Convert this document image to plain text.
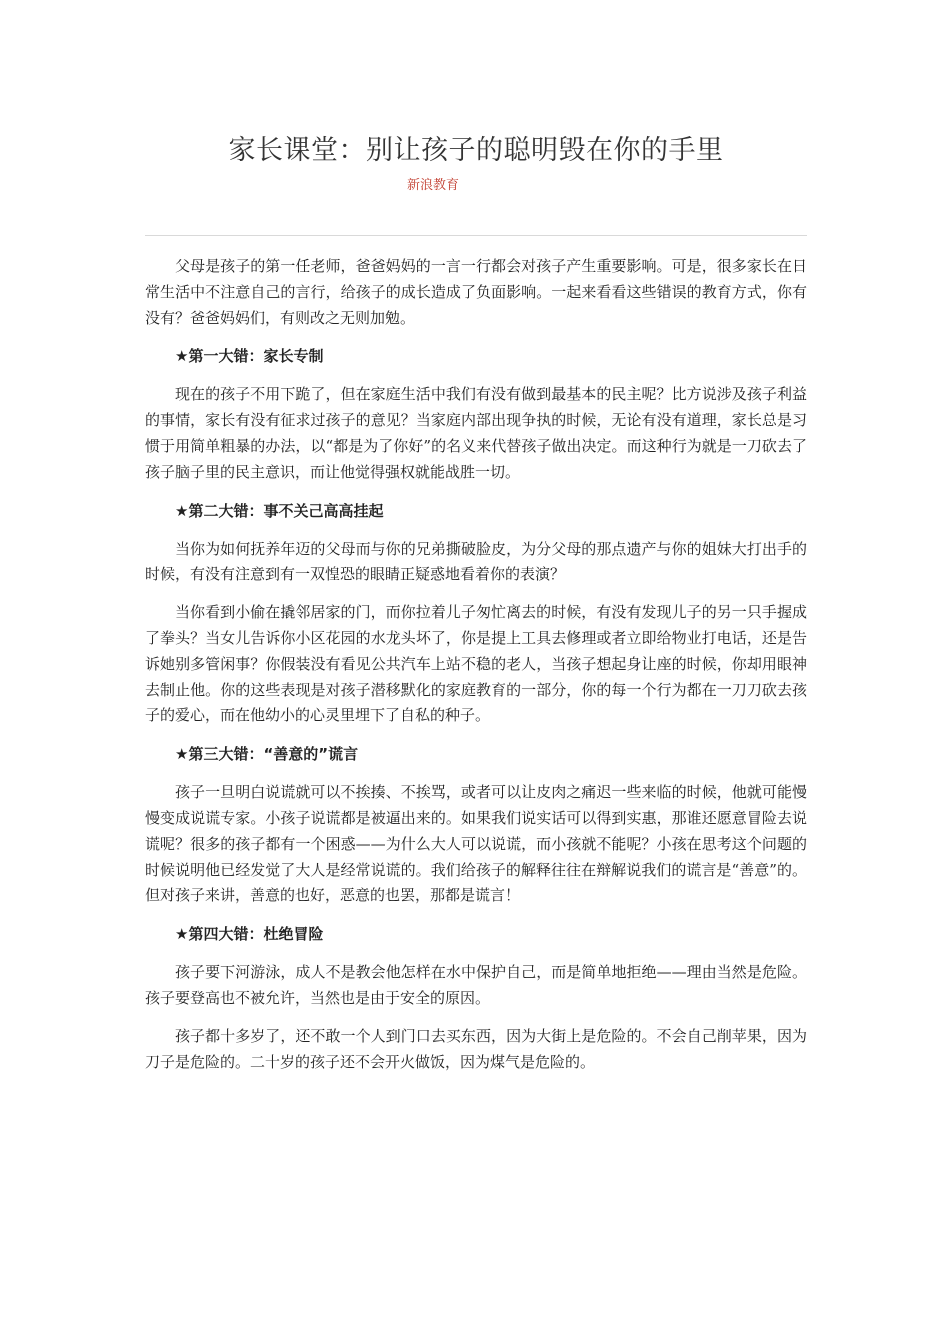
家长课堂：别让孩子的聪明毁在你的手里

新浪教育

父母是孩子的第一任老师，爸爸妈妈的一言一行都会对孩子产生重要影响。可是，很多家长在日常生活中不注意自己的言行，给孩子的成长造成了负面影响。一起来看看这些错误的教育方式，你有没有？爸爸妈妈们，有则改之无则加勉。

★第一大错：家长专制

现在的孩子不用下跪了，但在家庭生活中我们有没有做到最基本的民主呢？比方说涉及孩子利益的事情，家长有没有征求过孩子的意见？当家庭内部出现争执的时候，无论有没有道理，家长总是习惯于用简单粗暴的办法，以“都是为了你好”的名义来代替孩子做出决定。而这种行为就是一刀砍去了孩子脑子里的民主意识，而让他觉得强权就能战胜一切。

★第二大错：事不关己高高挂起

当你为如何抚养年迈的父母而与你的兄弟撕破脸皮，为分父母的那点遗产与你的姐妹大打出手的时候，有没有注意到有一双惶恐的眼睛正疑惑地看着你的表演？

当你看到小偷在撬邻居家的门，而你拉着儿子匆忙离去的时候，有没有发现儿子的另一只手握成了拳头？当女儿告诉你小区花园的水龙头坏了，你是提上工具去修理或者立即给物业打电话，还是告诉她别多管闲事？你假装没有看见公共汽车上站不稳的老人，当孩子想起身让座的时候，你却用眼神去制止他。你的这些表现是对孩子潜移默化的家庭教育的一部分，你的每一个行为都在一刀刀砍去孩子的爱心，而在他幼小的心灵里埋下了自私的种子。

★第三大错：“善意的”谎言

孩子一旦明白说谎就可以不挨揍、不挨骂，或者可以让皮肉之痛迟一些来临的时候，他就可能慢慢变成说谎专家。小孩子说谎都是被逼出来的。如果我们说实话可以得到实惠，那谁还愿意冒险去说谎呢？很多的孩子都有一个困惑——为什么大人可以说谎，而小孩就不能呢？小孩在思考这个问题的时候说明他已经发觉了大人是经常说谎的。我们给孩子的解释往往在辩解说我们的谎言是“善意”的。但对孩子来讲，善意的也好，恶意的也罢，那都是谎言！

★第四大错：杜绝冒险

孩子要下河游泳，成人不是教会他怎样在水中保护自己，而是简单地拒绝——理由当然是危险。孩子要登高也不被允许，当然也是由于安全的原因。

孩子都十多岁了，还不敢一个人到门口去买东西，因为大街上是危险的。不会自己削苹果，因为刀子是危险的。二十岁的孩子还不会开火做饭，因为煤气是危险的。
